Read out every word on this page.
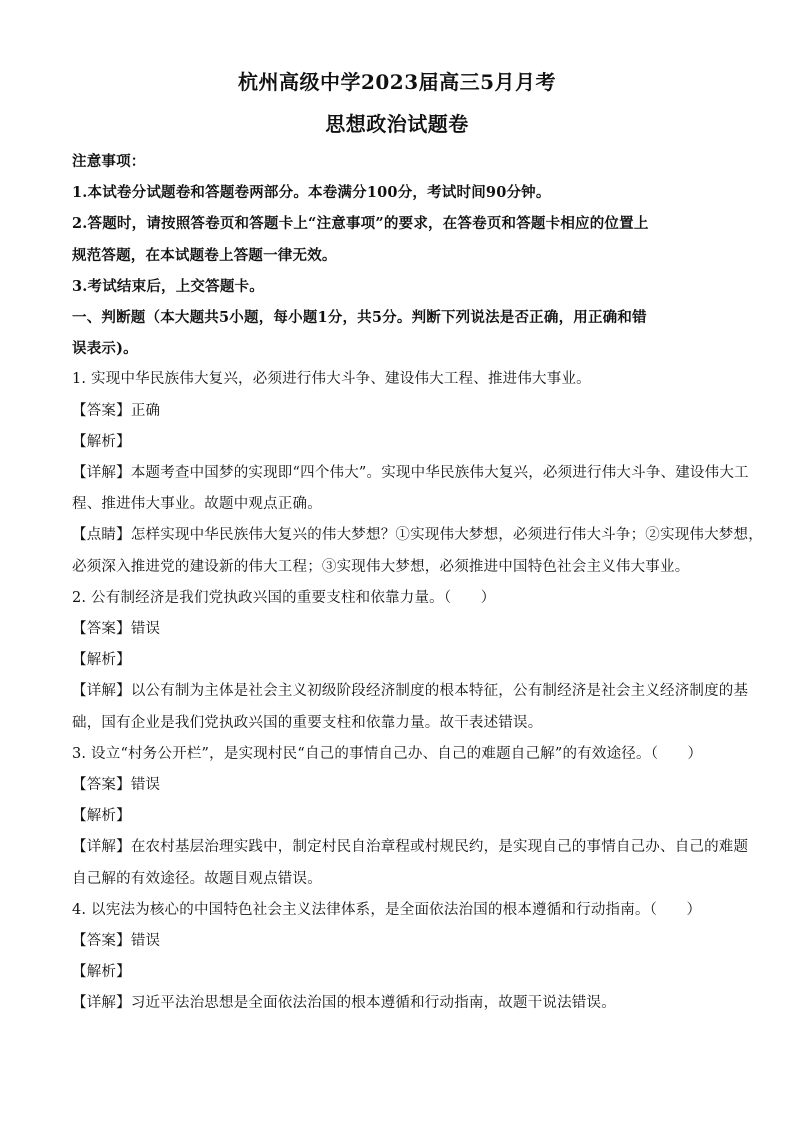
杭州高级中学2023届高三5月月考
思想政治试题卷
注意事项：
1.本试卷分试题卷和答题卷两部分。本卷满分100分，考试时间90分钟。
2.答题时，请按照答卷页和答题卡上“注意事项”的要求，在答卷页和答题卡相应的位置上
规范答题，在本试题卷上答题一律无效。
3.考试结束后，上交答题卡。
一、判断题（本大题共5小题，每小题1分，共5分。判断下列说法是否正确，用正确和错
误表示)。
1. 实现中华民族伟大复兴，必须进行伟大斗争、建设伟大工程、推进伟大事业。
【答案】正确
【解析】
【详解】本题考查中国梦的实现即“四个伟大”。实现中华民族伟大复兴，必须进行伟大斗争、建设伟大工
程、推进伟大事业。故题中观点正确。
【点睛】怎样实现中华民族伟大复兴的伟大梦想？①实现伟大梦想，必须进行伟大斗争；②实现伟大梦想，
必须深入推进党的建设新的伟大工程；③实现伟大梦想，必须推进中国特色社会主义伟大事业。
2. 公有制经济是我们党执政兴国的重要支柱和依靠力量。（　　）
【答案】错误
【解析】
【详解】以公有制为主体是社会主义初级阶段经济制度的根本特征，公有制经济是社会主义经济制度的基
础，国有企业是我们党执政兴国的重要支柱和依靠力量。故干表述错误。
3. 设立“村务公开栏”，是实现村民“自己的事情自己办、自己的难题自己解”的有效途径。（　　）
【答案】错误
【解析】
【详解】在农村基层治理实践中，制定村民自治章程或村规民约，是实现自己的事情自己办、自己的难题
自己解的有效途径。故题目观点错误。
4. 以宪法为核心的中国特色社会主义法律体系，是全面依法治国的根本遵循和行动指南。（　　）
【答案】错误
【解析】
【详解】习近平法治思想是全面依法治国的根本遵循和行动指南，故题干说法错误。
